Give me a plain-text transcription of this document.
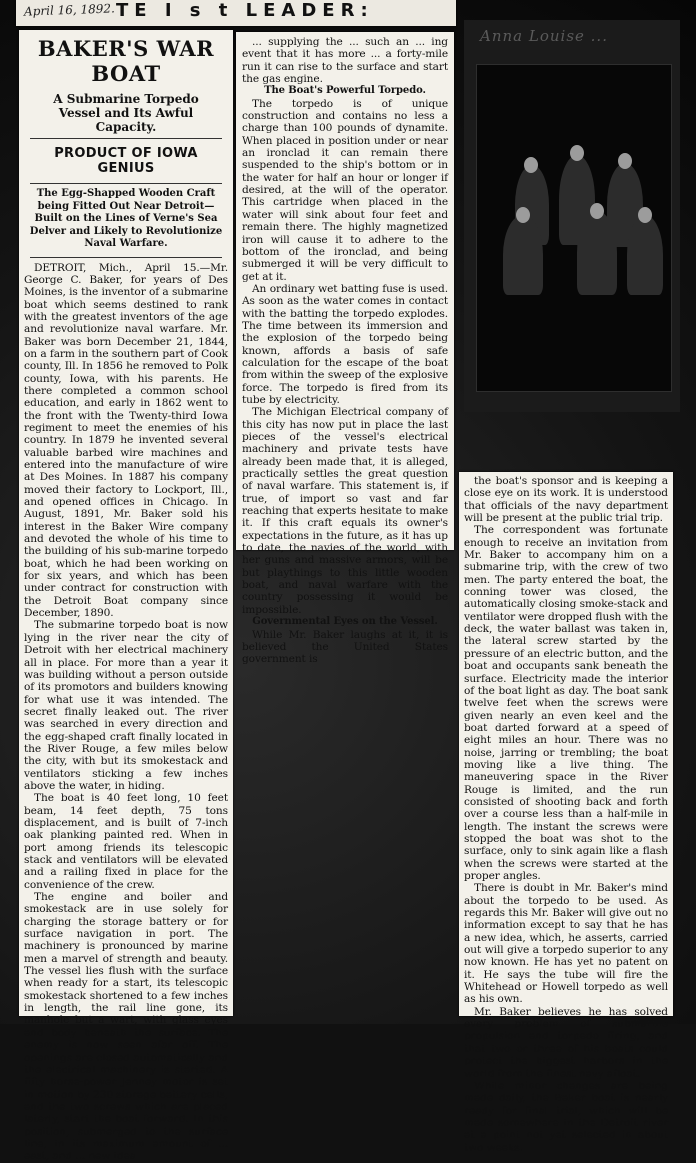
April 16, 1892. TE I s t LEADER:
BAKER'S WAR BOAT
A Submarine Torpedo Vessel and Its Awful Capacity.
PRODUCT OF IOWA GENIUS
The Egg-Shapped Wooden Craft being Fitted Out Near Detroit—Built on the Lines of Verne's Sea Delver and Likely to Revolutionize Naval Warfare.

DETROIT, Mich., April 15.—Mr. George C. Baker, for years of Des Moines, is the inventor of a submarine boat which seems destined to rank with the greatest inventors of the age and revolutionize naval warfare. Mr. Baker was born December 21, 1844, on a farm in the southern part of Cook county, Ill. In 1856 he removed to Polk county, Iowa, with his parents. He there completed a common school education, and early in 1862 went to the front with the Twenty-third Iowa regiment to meet the enemies of his country. In 1879 he invented several valuable barbed wire machines and entered into the manufacture of wire at Des Moines. In 1887 his company moved their factory to Lockport, Ill., and opened offices in Chicago. In August, 1891, Mr. Baker sold his interest in the Baker Wire company and devoted the whole of his time to the building of his sub-marine torpedo boat, which he had been working on for six years, and which has been under contract for construction with the Detroit Boat company since December, 1890.

The submarine torpedo boat is now lying in the river near the city of Detroit with her electrical machinery all in place. For more than a year it was building without a person outside of its promotors and builders knowing for what use it was intended. The secret finally leaked out. The river was searched in every direction and the egg-shaped craft finally located in the River Rouge, a few miles below the city, with but its smokestack and ventilators sticking a few inches above the water, in hiding.

The boat is 40 feet long, 10 feet beam, 14 feet depth, 75 tons displacement, and is built of 7-inch oak planking painted red. When in port among friends its telescopic stack and ventilators will be elevated and a railing fixed in place for the convenience of the crew.

The engine and boiler and smokestack are in use solely for charging the storage battery or for surface navigation in port. The machinery is pronounced by marine men a marvel of strength and beauty. The vessel lies flush with the surface when ready for a start, its telescopic smokestack shortened to a few inches in length, the rail line gone, its manhole but a wart, with glass eyes and body beneath the surface. The enemy is now seen afar off. The openings are closed automatically and the electrical machinery is started. A fifty horse-power Jenney motor is set in motion by 230 storage battery cells, and the two screws which are placed laterly, start the boat forward. In this position, submerged to the surface line, in its maximum amount of ... east, and ... new idea

... supplying the ... such an ... ing event that it has more ... a forty-mile run it can rise to the surface and start the gas engine.

The Boat's Powerful Torpedo.

The torpedo is of unique construction and contains no less a charge than 100 pounds of dynamite. When placed in position under or near an ironclad it can remain there suspended to the ship's bottom or in the water for half an hour or longer if desired, at the will of the operator. This cartridge when placed in the water will sink about four feet and remain there. The highly magnetized iron will cause it to adhere to the bottom of the ironclad, and being submerged it will be very difficult to get at it.

An ordinary wet batting fuse is used. As soon as the water comes in contact with the batting the torpedo explodes. The time between its immersion and the explosion of the torpedo being known, affords a basis of safe calculation for the escape of the boat from within the sweep of the explosive force. The torpedo is fired from its tube by electricity.

The Michigan Electrical company of this city has now put in place the last pieces of the vessel's electrical machinery and private tests have already been made that, it is alleged, practically settles the great question of naval warfare. This statement is, if true, of import so vast and far reaching that experts hesitate to make it. If this craft equals its owner's expectations in the future, as it has up to date, the navies of the world, with her guns and massive armors, will be but playthings to this little wooden boat, and naval warfare with the country possessing it would be impossible.

Governmental Eyes on the Vessel.

While Mr. Baker laughs at it, it is believed the United States government is

Anna Louise ...

the boat's sponsor and is keeping a close eye on its work. It is understood that officials of the navy department will be present at the public trial trip.

The correspondent was fortunate enough to receive an invitation from Mr. Baker to accompany him on a submarine trip, with the crew of two men. The party entered the boat, the conning tower was closed, the automatically closing smoke-stack and ventilator were dropped flush with the deck, the water ballast was taken in, the lateral screw started by the pressure of an electric button, and the boat and occupants sank beneath the surface. Electricity made the interior of the boat light as day. The boat sank twelve feet when the screws were given nearly an even keel and the boat darted forward at a speed of eight miles an hour. There was no noise, jarring or trembling; the boat moving like a live thing. The maneuvering space in the River Rouge is limited, and the run consisted of shooting back and forth over a course less than a half-mile in length. The instant the screws were stopped the boat was shot to the surface, only to sink again like a flash when the screws were started at the proper angles.

There is doubt in Mr. Baker's mind about the torpedo to be used. As regards this Mr. Baker will give out no information except to say that he has a new idea, which, he asserts, carried out will give a torpedo superior to any now known. He has yet no patent on it. He says the tube will fire the Whitehead or Howell torpedo as well as his own.

Mr. Baker believes he has solved every problem of submarine propulsion and torpedo firing, and that two or three of his boats could protect the biggest harbors in the world from the finest navy afloat.

While minor changes are being made daily, the Baker boat is nearly ready for final trial, which will be made somewhere in the Detroit river at a point not yet selected in about two weeks.
